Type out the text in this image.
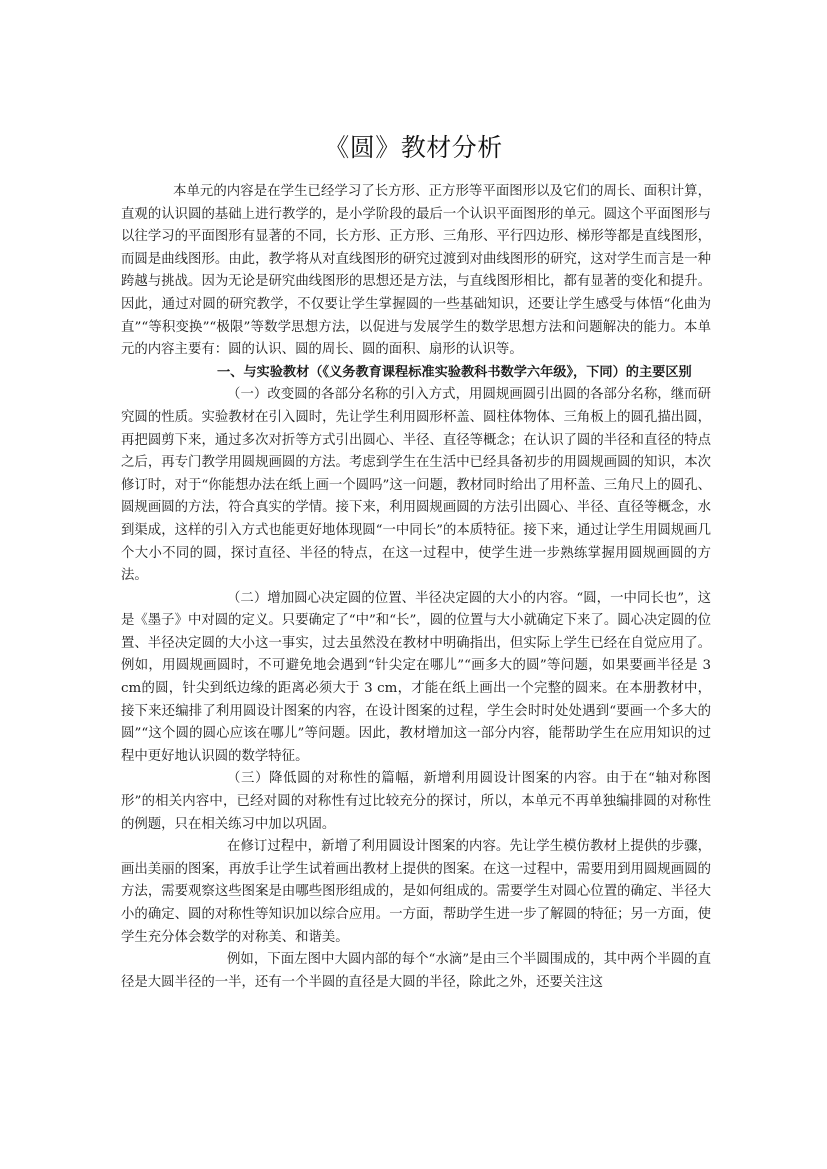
《圆》教材分析

本单元的内容是在学生已经学习了长方形、正方形等平面图形以及它们的周长、面积计算，直观的认识圆的基础上进行教学的，是小学阶段的最后一个认识平面图形的单元。圆这个平面图形与以往学习的平面图形有显著的不同，长方形、正方形、三角形、平行四边形、梯形等都是直线图形，而圆是曲线图形。由此，教学将从对直线图形的研究过渡到对曲线图形的研究，这对学生而言是一种跨越与挑战。因为无论是研究曲线图形的思想还是方法，与直线图形相比，都有显著的变化和提升。因此，通过对圆的研究教学，不仅要让学生掌握圆的一些基础知识，还要让学生感受与体悟“化曲为直”“等积变换”“极限”等数学思想方法，以促进与发展学生的数学思想方法和问题解决的能力。本单元的内容主要有：圆的认识、圆的周长、圆的面积、扇形的认识等。

一、与实验教材（《义务教育课程标准实验教科书数学六年级》，下同）的主要区别

（一）改变圆的各部分名称的引入方式，用圆规画圆引出圆的各部分名称，继而研究圆的性质。实验教材在引入圆时，先让学生利用圆形杯盖、圆柱体物体、三角板上的圆孔描出圆，再把圆剪下来，通过多次对折等方式引出圆心、半径、直径等概念；在认识了圆的半径和直径的特点之后，再专门教学用圆规画圆的方法。考虑到学生在生活中已经具备初步的用圆规画圆的知识，本次修订时，对于“你能想办法在纸上画一个圆吗”这一问题，教材同时给出了用杯盖、三角尺上的圆孔、圆规画圆的方法，符合真实的学情。接下来，利用圆规画圆的方法引出圆心、半径、直径等概念，水到渠成，这样的引入方式也能更好地体现圆“一中同长”的本质特征。接下来，通过让学生用圆规画几个大小不同的圆，探讨直径、半径的特点，在这一过程中，使学生进一步熟练掌握用圆规画圆的方法。

（二）增加圆心决定圆的位置、半径决定圆的大小的内容。“圆，一中同长也”，这是《墨子》中对圆的定义。只要确定了“中”和“长”，圆的位置与大小就确定下来了。圆心决定圆的位置、半径决定圆的大小这一事实，过去虽然没在教材中明确指出，但实际上学生已经在自觉应用了。例如，用圆规画圆时，不可避免地会遇到“针尖定在哪儿”“画多大的圆”等问题，如果要画半径是 3 cm的圆，针尖到纸边缘的距离必须大于 3 cm，才能在纸上画出一个完整的圆来。在本册教材中，接下来还编排了利用圆设计图案的内容，在设计图案的过程，学生会时时处处遇到“要画一个多大的圆”“这个圆的圆心应该在哪儿”等问题。因此，教材增加这一部分内容，能帮助学生在应用知识的过程中更好地认识圆的数学特征。

（三）降低圆的对称性的篇幅，新增利用圆设计图案的内容。由于在“轴对称图形”的相关内容中，已经对圆的对称性有过比较充分的探讨，所以，本单元不再单独编排圆的对称性的例题，只在相关练习中加以巩固。

在修订过程中，新增了利用圆设计图案的内容。先让学生模仿教材上提供的步骤，画出美丽的图案，再放手让学生试着画出教材上提供的图案。在这一过程中，需要用到用圆规画圆的方法，需要观察这些图案是由哪些图形组成的，是如何组成的。需要学生对圆心位置的确定、半径大小的确定、圆的对称性等知识加以综合应用。一方面，帮助学生进一步了解圆的特征；另一方面，使学生充分体会数学的对称美、和谐美。

例如，下面左图中大圆内部的每个“水滴”是由三个半圆围成的，其中两个半圆的直径是大圆半径的一半，还有一个半圆的直径是大圆的半径，除此之外，还要关注这
